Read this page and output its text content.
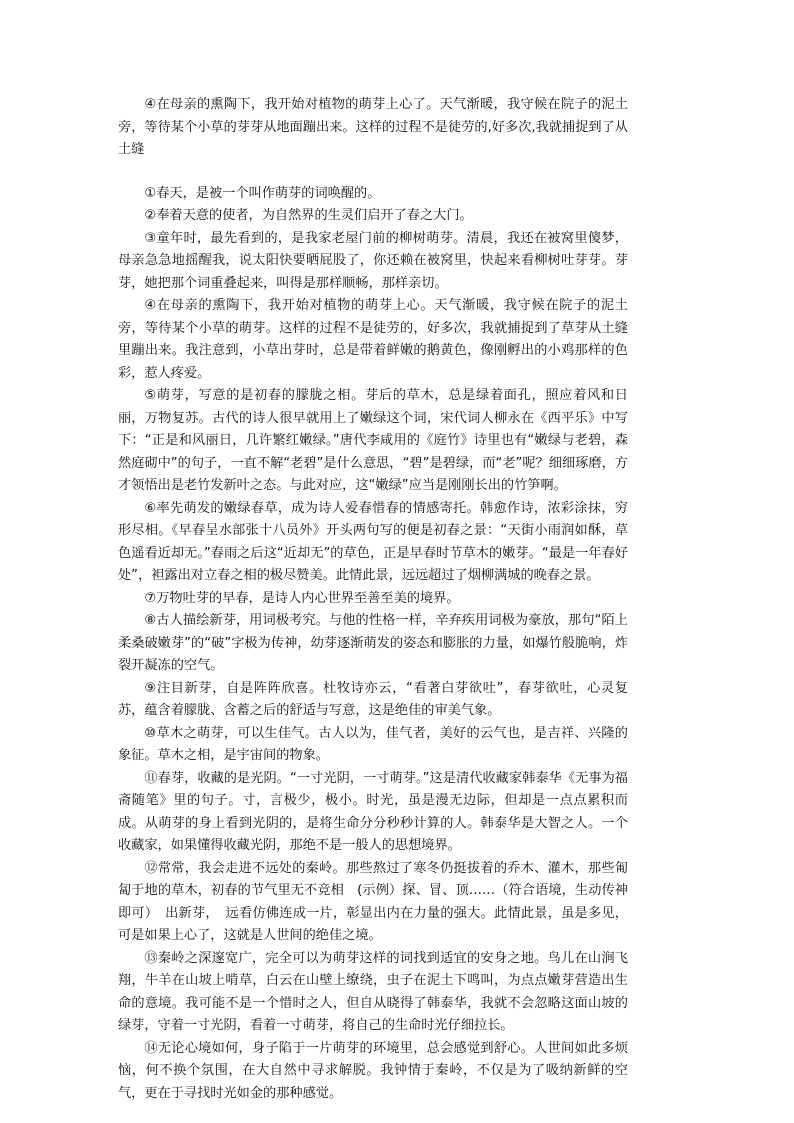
④在母亲的熏陶下，我开始对植物的萌芽上心了。天气渐暖，我守候在院子的泥土旁，等待某个小草的芽芽从地面蹦出来。这样的过程不是徒劳的,好多次,我就捕捉到了从土缝

①春天，是被一个叫作萌芽的词唤醒的。

②奉着天意的使者，为自然界的生灵们启开了春之大门。

③童年时，最先看到的，是我家老屋门前的柳树萌芽。清晨，我还在被窝里傻梦，母亲急急地摇醒我，说太阳快要晒屁股了，你还赖在被窝里，快起来看柳树吐芽芽。芽芽，她把那个词重叠起来，叫得是那样顺畅，那样亲切。

④在母亲的熏陶下，我开始对植物的萌芽上心。天气渐暖，我守候在院子的泥土旁，等待某个小草的萌芽。这样的过程不是徒劳的，好多次，我就捕捉到了草芽从土缝里蹦出来。我注意到，小草出芽时，总是带着鲜嫩的鹅黄色，像刚孵出的小鸡那样的色彩，惹人疼爱。

⑤萌芽，写意的是初春的朦胧之相。芽后的草木，总是绿着面孔，照应着风和日丽，万物复苏。古代的诗人很早就用上了嫩绿这个词，宋代词人柳永在《西平乐》中写下：“正是和风丽日，几许繁红嫩绿。”唐代李咸用的《庭竹》诗里也有“嫩绿与老碧，森然庭砌中”的句子，一直不解“老碧”是什么意思，“碧”是碧绿，而“老”呢？细细琢磨，方才领悟出是老竹发新叶之态。与此对应，这“嫩绿”应当是刚刚长出的竹笋啊。

⑥率先萌发的嫩绿春草，成为诗人爱春惜春的情感寄托。韩愈作诗，浓彩涂抹，穷形尽相。《早春呈水部张十八员外》开头两句写的便是初春之景：“天街小雨润如酥，草色遥看近却无。”春雨之后这“近却无”的草色，正是早春时节草木的嫩芽。“最是一年春好处”，袒露出对立春之相的极尽赞美。此情此景，远远超过了烟柳满城的晚春之景。

⑦万物吐芽的早春，是诗人内心世界至善至美的境界。

⑧古人描绘新芽，用词极考究。与他的性格一样，辛弃疾用词极为豪放，那句“陌上柔桑破嫩芽”的“破”字极为传神，幼芽逐渐萌发的姿态和膨胀的力量，如爆竹般脆响，炸裂开凝冻的空气。

⑨注目新芽，自是阵阵欣喜。杜牧诗亦云，“看著白芽欲吐”，春芽欲吐，心灵复苏，蕴含着朦胧、含蓄之后的舒适与写意，这是绝佳的审美气象。

⑩草木之萌芽，可以生佳气。古人以为，佳气者，美好的云气也，是吉祥、兴隆的象征。草木之相，是宇宙间的物象。

⑪春芽，收藏的是光阴。“一寸光阴，一寸萌芽。”这是清代收藏家韩泰华《无事为福斋随笔》里的句子。寸，言极少，极小。时光，虽是漫无边际，但却是一点点累积而成。从萌芽的身上看到光阴的，是将生命分分秒秒计算的人。韩泰华是大智之人。一个收藏家，如果懂得收藏光阴，那绝不是一般人的思想境界。

⑫常常，我会走进不远处的秦岭。那些熬过了寒冬仍挺拔着的乔木、灌木，那些匍匐于地的草木，初春的节气里无不竞相　(示例）探、冒、顶……（符合语境，生动传神即可）　出新芽，　远看仿佛连成一片，彰显出内在力量的强大。此情此景，虽是多见，可是如果上心了，这就是人世间的绝佳之境。

⑬秦岭之深邃宽广，完全可以为萌芽这样的词找到适宜的安身之地。鸟儿在山涧飞翔，牛羊在山坡上啃草，白云在山壁上缭绕，虫子在泥土下鸣叫，为点点嫩芽营造出生命的意境。我可能不是一个惜时之人，但自从晓得了韩泰华，我就不会忽略这面山坡的绿芽，守着一寸光阴，看着一寸萌芽，将自己的生命时光仔细拉长。

⑭无论心境如何，身子陷于一片萌芽的环境里，总会感觉到舒心。人世间如此多烦恼，何不换个氛围，在大自然中寻求解脱。我钟情于秦岭，不仅是为了吸纳新鲜的空气，更在于寻找时光如金的那种感觉。
